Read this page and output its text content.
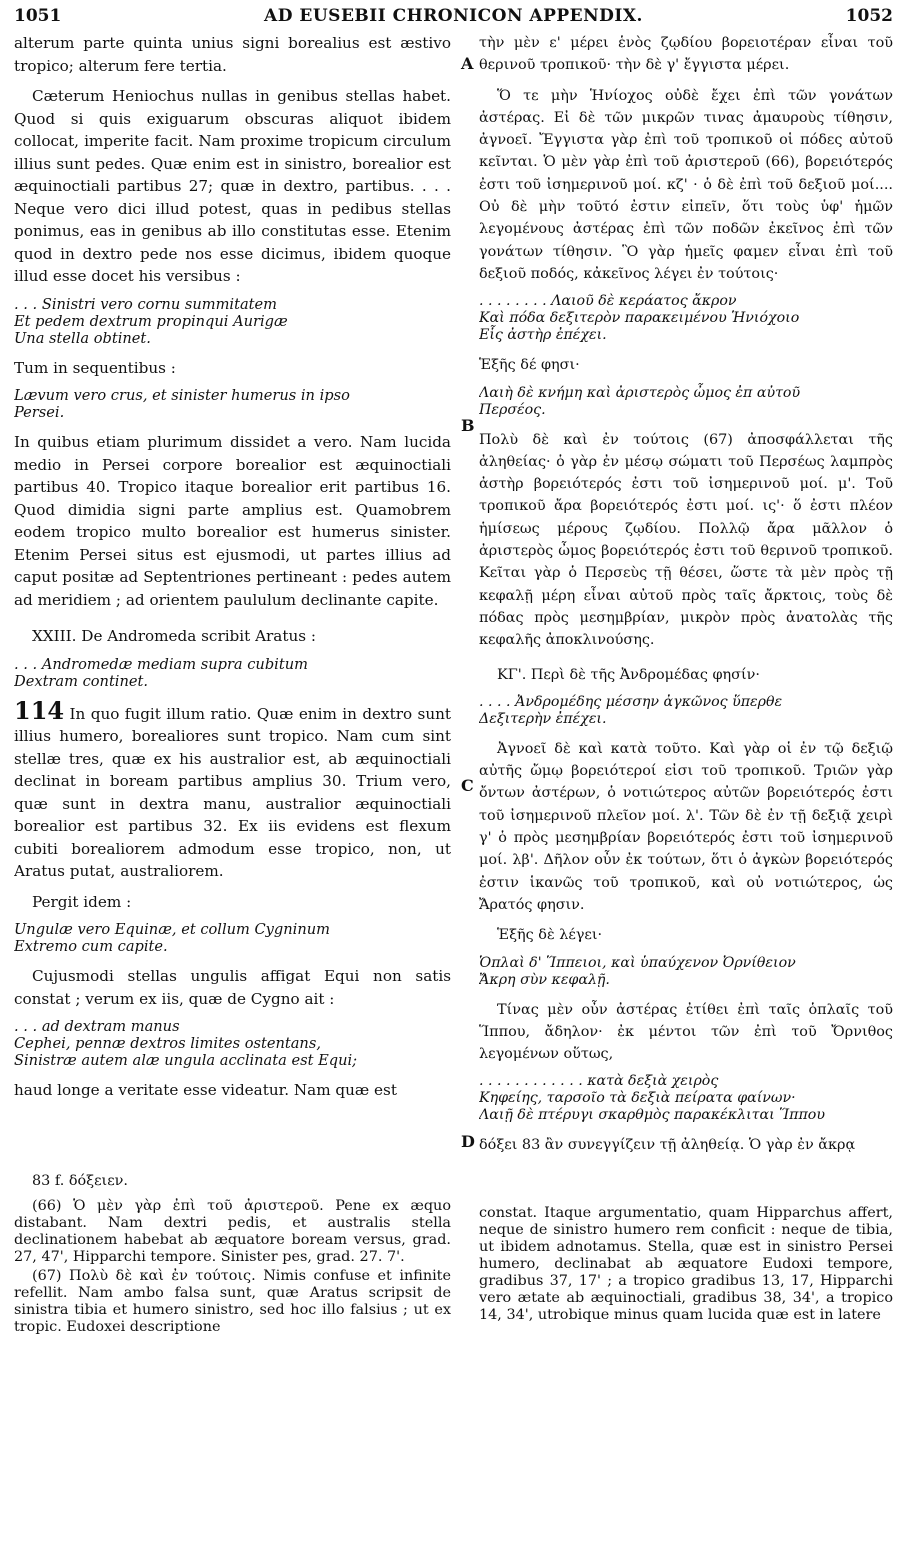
1051	AD EUSEBII CHRONICON APPENDIX.	1052

alterum parte quinta unius signi borealius est æstivo tropico; alterum fere tertia.

Cæterum Heniochus nullas in genibus stellas habet. Quod si quis exiguarum obscuras aliquot ibidem collocat, imperite facit. Nam proxime tropicum circulum illius sunt pedes. Quæ enim est in sinistro, borealior est æquinoctiali partibus 27; quæ in dextro, partibus. . . . Neque vero dici illud potest, quas in pedibus stellas ponimus, eas in genibus ab illo constitutas esse. Etenim quod in dextro pede nos esse dicimus, ibidem quoque illud esse docet his versibus :

. . . Sinistri vero cornu summitatem
Et pedem dextrum propinqui Aurigæ
Una stella obtinet.

Tum in sequentibus :

Lævum vero crus, et sinister humerus in ipso
Persei.

In quibus etiam plurimum dissidet a vero. Nam lucida medio in Persei corpore borealior est æquinoctiali partibus 40. Tropico itaque borealior erit partibus 16. Quod dimidia signi parte amplius est. Quamobrem eodem tropico multo borealior est humerus sinister. Etenim Persei situs est ejusmodi, ut partes illius ad caput positæ ad Septentriones pertineant : pedes autem ad meridiem ; ad orientem paululum declinante capite.

XXIII. De Andromeda scribit Aratus :

. . . Andromedæ mediam supra cubitum
Dextram continet.

114 In quo fugit illum ratio. Quæ enim in dextro sunt illius humero, borealiores sunt tropico. Nam cum sint stellæ tres, quæ ex his australior est, ab æquinoctiali declinat in boream partibus amplius 30. Trium vero, quæ sunt in dextra manu, australior æquinoctiali borealior est partibus 32. Ex iis evidens est flexum cubiti borealiorem admodum esse tropico, non, ut Aratus putat, australiorem.

Pergit idem :

Ungulæ vero Equinæ, et collum Cygninum
Extremo cum capite.

Cujusmodi stellas ungulis affigat Equi non satis constat ; verum ex iis, quæ de Cygno ait :

. . . ad dextram manus
Cephei, pennæ dextros limites ostentans,
Sinistræ autem alæ ungula acclinata est Equi;

haud longe a veritate esse videatur. Nam quæ est

A
B
C
D

τὴν μὲν ε' μέρει ἑνὸς ζῳδίου βορειοτέραν εἶναι τοῦ θερινοῦ τροπικοῦ· τὴν δὲ γ' ἔγγιστα μέρει.

Ὅ τε μὴν Ἡνίοχος οὐδὲ ἔχει ἐπὶ τῶν γονάτων ἀστέρας. Εἰ δὲ τῶν μικρῶν τινας ἀμαυροὺς τίθησιν, ἀγνοεῖ. Ἔγγιστα γὰρ ἐπὶ τοῦ τροπικοῦ οἱ πόδες αὐτοῦ κεῖνται. Ὁ μὲν γὰρ ἐπὶ τοῦ ἀριστεροῦ (66), βορειότερός ἐστι τοῦ ἰσημερινοῦ μοί. κζ' · ὁ δὲ ἐπὶ τοῦ δεξιοῦ μοί.... Οὐ δὲ μὴν τοῦτό ἐστιν εἰπεῖν, ὅτι τοὺς ὑφ' ἡμῶν λεγομένους ἀστέρας ἐπὶ τῶν ποδῶν ἐκεῖνος ἐπὶ τῶν γονάτων τίθησιν. Ὃ γὰρ ἡμεῖς φαμεν εἶναι ἐπὶ τοῦ δεξιοῦ ποδός, κἀκεῖνος λέγει ἐν τούτοις·

. . . . . . . . Λαιοῦ δὲ κεράατος ἄκρον
Καὶ πόδα δεξιτερὸν παρακειμένου Ἡνιόχοιο
Εἷς ἀστὴρ ἐπέχει.

Ἑξῆς δέ φησι·

Λαιὴ δὲ κνήμη καὶ ἀριστερὸς ὦμος ἐπ αὐτοῦ
Περσέος.

Πολὺ δὲ καὶ ἐν τούτοις (67) ἀποσφάλλεται τῆς ἀληθείας· ὁ γὰρ ἐν μέσῳ σώματι τοῦ Περσέως λαμπρὸς ἀστὴρ βορειότερός ἐστι τοῦ ἰσημερινοῦ μοί. μ'. Τοῦ τροπικοῦ ἄρα βορειότερός ἐστι μοί. ις'· ὅ ἐστι πλέον ἡμίσεως μέρους ζῳδίου. Πολλῷ ἄρα μᾶλλον ὁ ἀριστερὸς ὦμος βορειότερός ἐστι τοῦ θερινοῦ τροπικοῦ. Κεῖται γὰρ ὁ Περσεὺς τῇ θέσει, ὥστε τὰ μὲν πρὸς τῇ κεφαλῇ μέρη εἶναι αὐτοῦ πρὸς ταῖς ἄρκτοις, τοὺς δὲ πόδας πρὸς μεσημβρίαν, μικρὸν πρὸς ἀνατολὰς τῆς κεφαλῆς ἀποκλινούσης.

ΚΓ'. Περὶ δὲ τῆς Ἀνδρομέδας φησίν·

. . . . Ἀνδρομέδης μέσσην ἀγκῶνος ὕπερθε
Δεξιτερὴν ἐπέχει.

Ἀγνοεῖ δὲ καὶ κατὰ τοῦτο. Καὶ γὰρ οἱ ἐν τῷ δεξιῷ αὐτῆς ὤμῳ βορειότεροί εἰσι τοῦ τροπικοῦ. Τριῶν γὰρ ὄντων ἀστέρων, ὁ νοτιώτερος αὐτῶν βορειότερός ἐστι τοῦ ἰσημερινοῦ πλεῖον μοί. λ'. Τῶν δὲ ἐν τῇ δεξιᾷ χειρὶ γ' ὁ πρὸς μεσημβρίαν βορειότερός ἐστι τοῦ ἰσημερινοῦ μοί. λβ'. Δῆλον οὖν ἐκ τούτων, ὅτι ὁ ἀγκὼν βορειότερός ἐστιν ἱκανῶς τοῦ τροπικοῦ, καὶ οὐ νοτιώτερος, ὡς Ἄρατός φησιν.

Ἑξῆς δὲ λέγει·

Ὁπλαὶ δ' Ἵππειοι, καὶ ὑπαύχενον Ὀρνίθειον
Ἄκρη σὺν κεφαλῇ.

Τίνας μὲν οὖν ἀστέρας ἐτίθει ἐπὶ ταῖς ὁπλαῖς τοῦ Ἵππου, ἄδηλον· ἐκ μέντοι τῶν ἐπὶ τοῦ Ὄρνιθος λεγομένων οὕτως,

. . . . . . . . . . . . κατὰ δεξιὰ χειρὸς
Κηφείης, ταρσοῖο τὰ δεξιὰ πείρατα φαίνων·
Λαιῇ δὲ πτέρυγι σκαρθμὸς παρακέκλιται Ἵππου

δόξει 83 ἂν συνεγγίζειν τῇ ἀληθείᾳ. Ὁ γὰρ ἐν ἄκρᾳ

83 f. δόξειεν.

(66) Ὁ μὲν γὰρ ἐπὶ τοῦ ἀριστεροῦ. Pene ex æquo distabant. Nam dextri pedis, et australis stella declinationem habebat ab æquatore boream versus, grad. 27, 47', Hipparchi tempore. Sinister pes, grad. 27. 7'.

(67) Πολὺ δὲ καὶ ἐν τούτοις. Nimis confuse et infinite refellit. Nam ambo falsa sunt, quæ Aratus scripsit de sinistra tibia et humero sinistro, sed hoc illo falsius ; ut ex tropic. Eudoxei descriptione

constat. Itaque argumentatio, quam Hipparchus affert, neque de sinistro humero rem conficit : neque de tibia, ut ibidem adnotamus. Stella, quæ est in sinistro Persei humero, declinabat ab æquatore Eudoxi tempore, gradibus 37, 17' ; a tropico gradibus 13, 17, Hipparchi vero ætate ab æquinoctiali, gradibus 38, 34', a tropico 14, 34', utrobique minus quam lucida quæ est in latere
